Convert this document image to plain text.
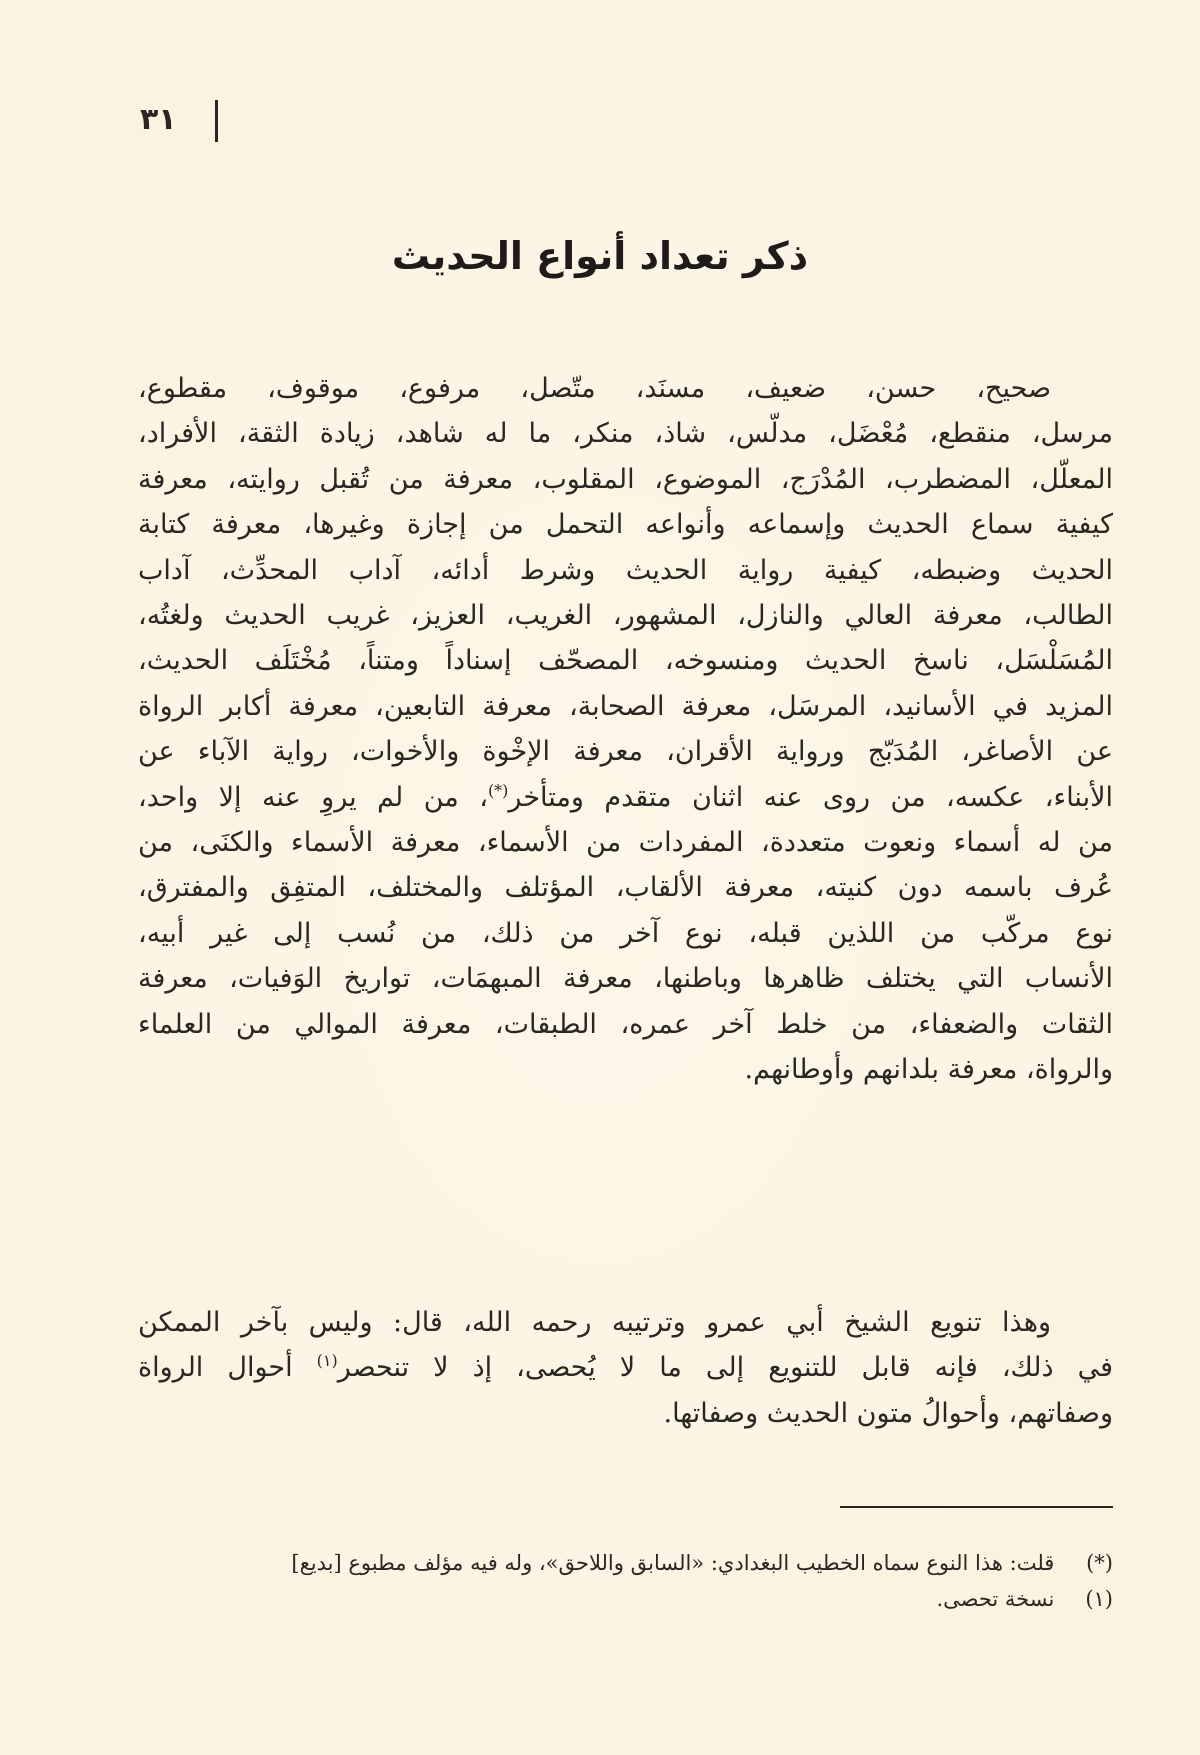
٣١
ذكر تعداد أنواع الحديث
صحيح، حسن، ضعيف، مسنَد، متّصل، مرفوع، موقوف، مقطوع،
مرسل، منقطع، مُعْضَل، مدلّس، شاذ، منكر، ما له شاهد، زيادة الثقة، الأفراد،
المعلّل، المضطرب، المُدْرَج، الموضوع، المقلوب، معرفة من تُقبل روايته، معرفة
كيفية سماع الحديث وإسماعه وأنواعه التحمل من إجازة وغيرها، معرفة كتابة
الحديث وضبطه، كيفية رواية الحديث وشرط أدائه، آداب المحدِّث، آداب
الطالب، معرفة العالي والنازل، المشهور، الغريب، العزيز، غريب الحديث ولغتُه،
المُسَلْسَل، ناسخ الحديث ومنسوخه، المصحّف إسناداً ومتناً، مُخْتَلَف الحديث،
المزيد في الأسانيد، المرسَل، معرفة الصحابة، معرفة التابعين، معرفة أكابر الرواة
عن الأصاغر، المُدَبّج ورواية الأقران، معرفة الإخْوة والأخوات، رواية الآباء عن
الأبناء، عكسه، من روى عنه اثنان متقدم ومتأخر(*)، من لم يروِ عنه إلا واحد،
من له أسماء ونعوت متعددة، المفردات من الأسماء، معرفة الأسماء والكنَى، من
عُرف باسمه دون كنيته، معرفة الألقاب، المؤتلف والمختلف، المتفِق والمفترق،
نوع مركّب من اللذين قبله، نوع آخر من ذلك، من نُسب إلى غير أبيه،
الأنساب التي يختلف ظاهرها وباطنها، معرفة المبهمَات، تواريخ الوَفيات، معرفة
الثقات والضعفاء، من خلط آخر عمره، الطبقات، معرفة الموالي من العلماء
والرواة، معرفة بلدانهم وأوطانهم.
وهذا تنويع الشيخ أبي عمرو وترتيبه رحمه الله، قال: وليس بآخر الممكن
في ذلك، فإنه قابل للتنويع إلى ما لا يُحصى، إذ لا تنحصر$^{(١)}$ أحوال الرواة
وصفاتهم، وأحوالُ متون الحديث وصفاتها.
(*) قلت: هذا النوع سماه الخطيب البغدادي: «السابق واللاحق»، وله فيه مؤلف مطبوع [بديع]
(١) نسخة تحصى.
